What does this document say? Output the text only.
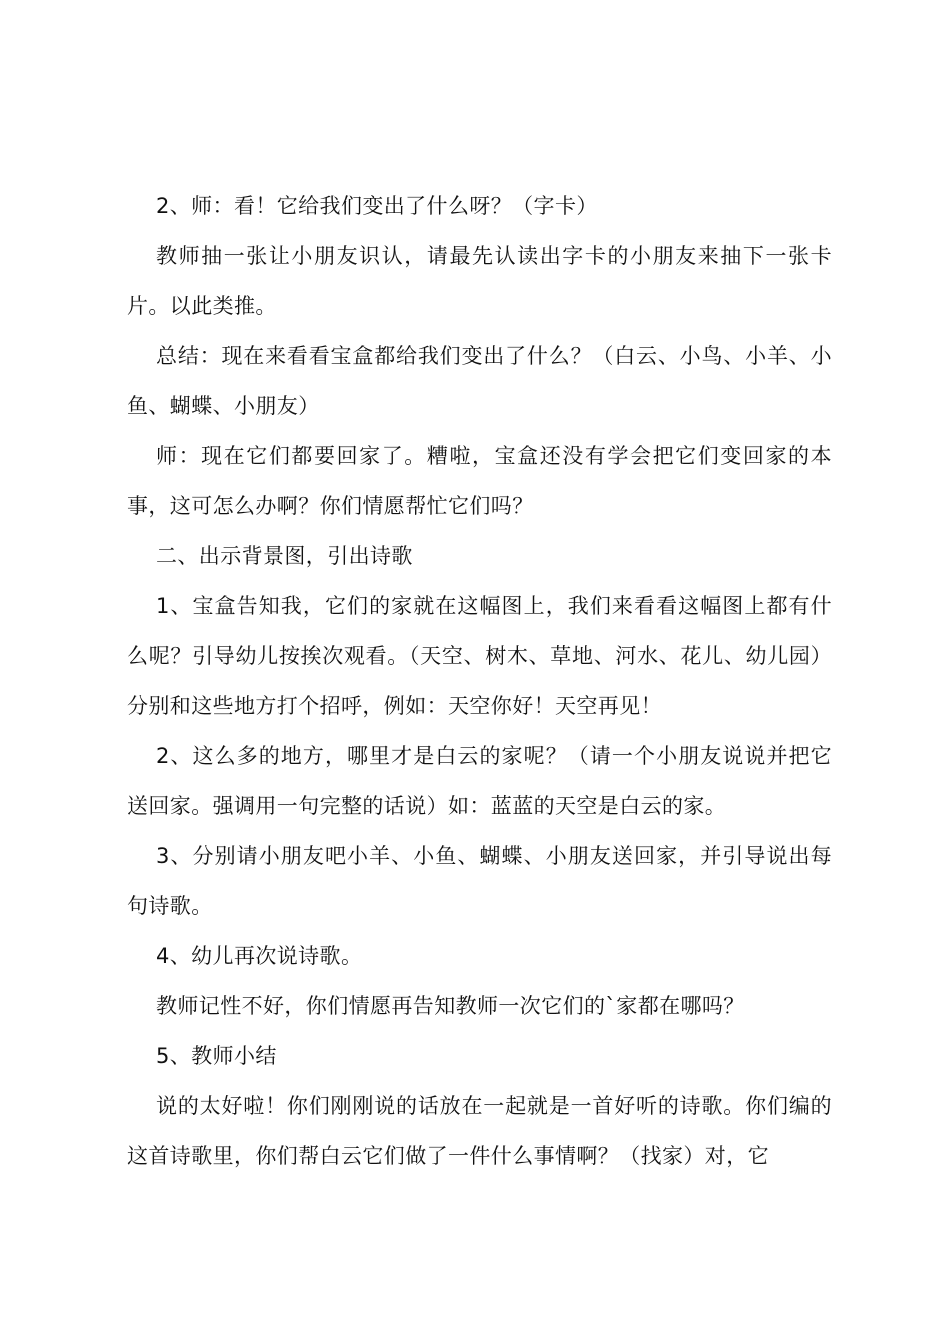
2、师：看！它给我们变出了什么呀？（字卡）

教师抽一张让小朋友识认，请最先认读出字卡的小朋友来抽下一张卡片。以此类推。

总结：现在来看看宝盒都给我们变出了什么？（白云、小鸟、小羊、小鱼、蝴蝶、小朋友）

师：现在它们都要回家了。糟啦，宝盒还没有学会把它们变回家的本事，这可怎么办啊？你们情愿帮忙它们吗？

二、出示背景图，引出诗歌

1、宝盒告知我，它们的家就在这幅图上，我们来看看这幅图上都有什么呢？引导幼儿按挨次观看。（天空、树木、草地、河水、花儿、幼儿园）分别和这些地方打个招呼，例如：天空你好！天空再见！

2、这么多的地方，哪里才是白云的家呢？（请一个小朋友说说并把它送回家。强调用一句完整的话说）如：蓝蓝的天空是白云的家。

3、分别请小朋友吧小羊、小鱼、蝴蝶、小朋友送回家，并引导说出每句诗歌。

4、幼儿再次说诗歌。

教师记性不好，你们情愿再告知教师一次它们的`家都在哪吗？

5、教师小结

说的太好啦！你们刚刚说的话放在一起就是一首好听的诗歌。你们编的这首诗歌里，你们帮白云它们做了一件什么事情啊？（找家）对，它
